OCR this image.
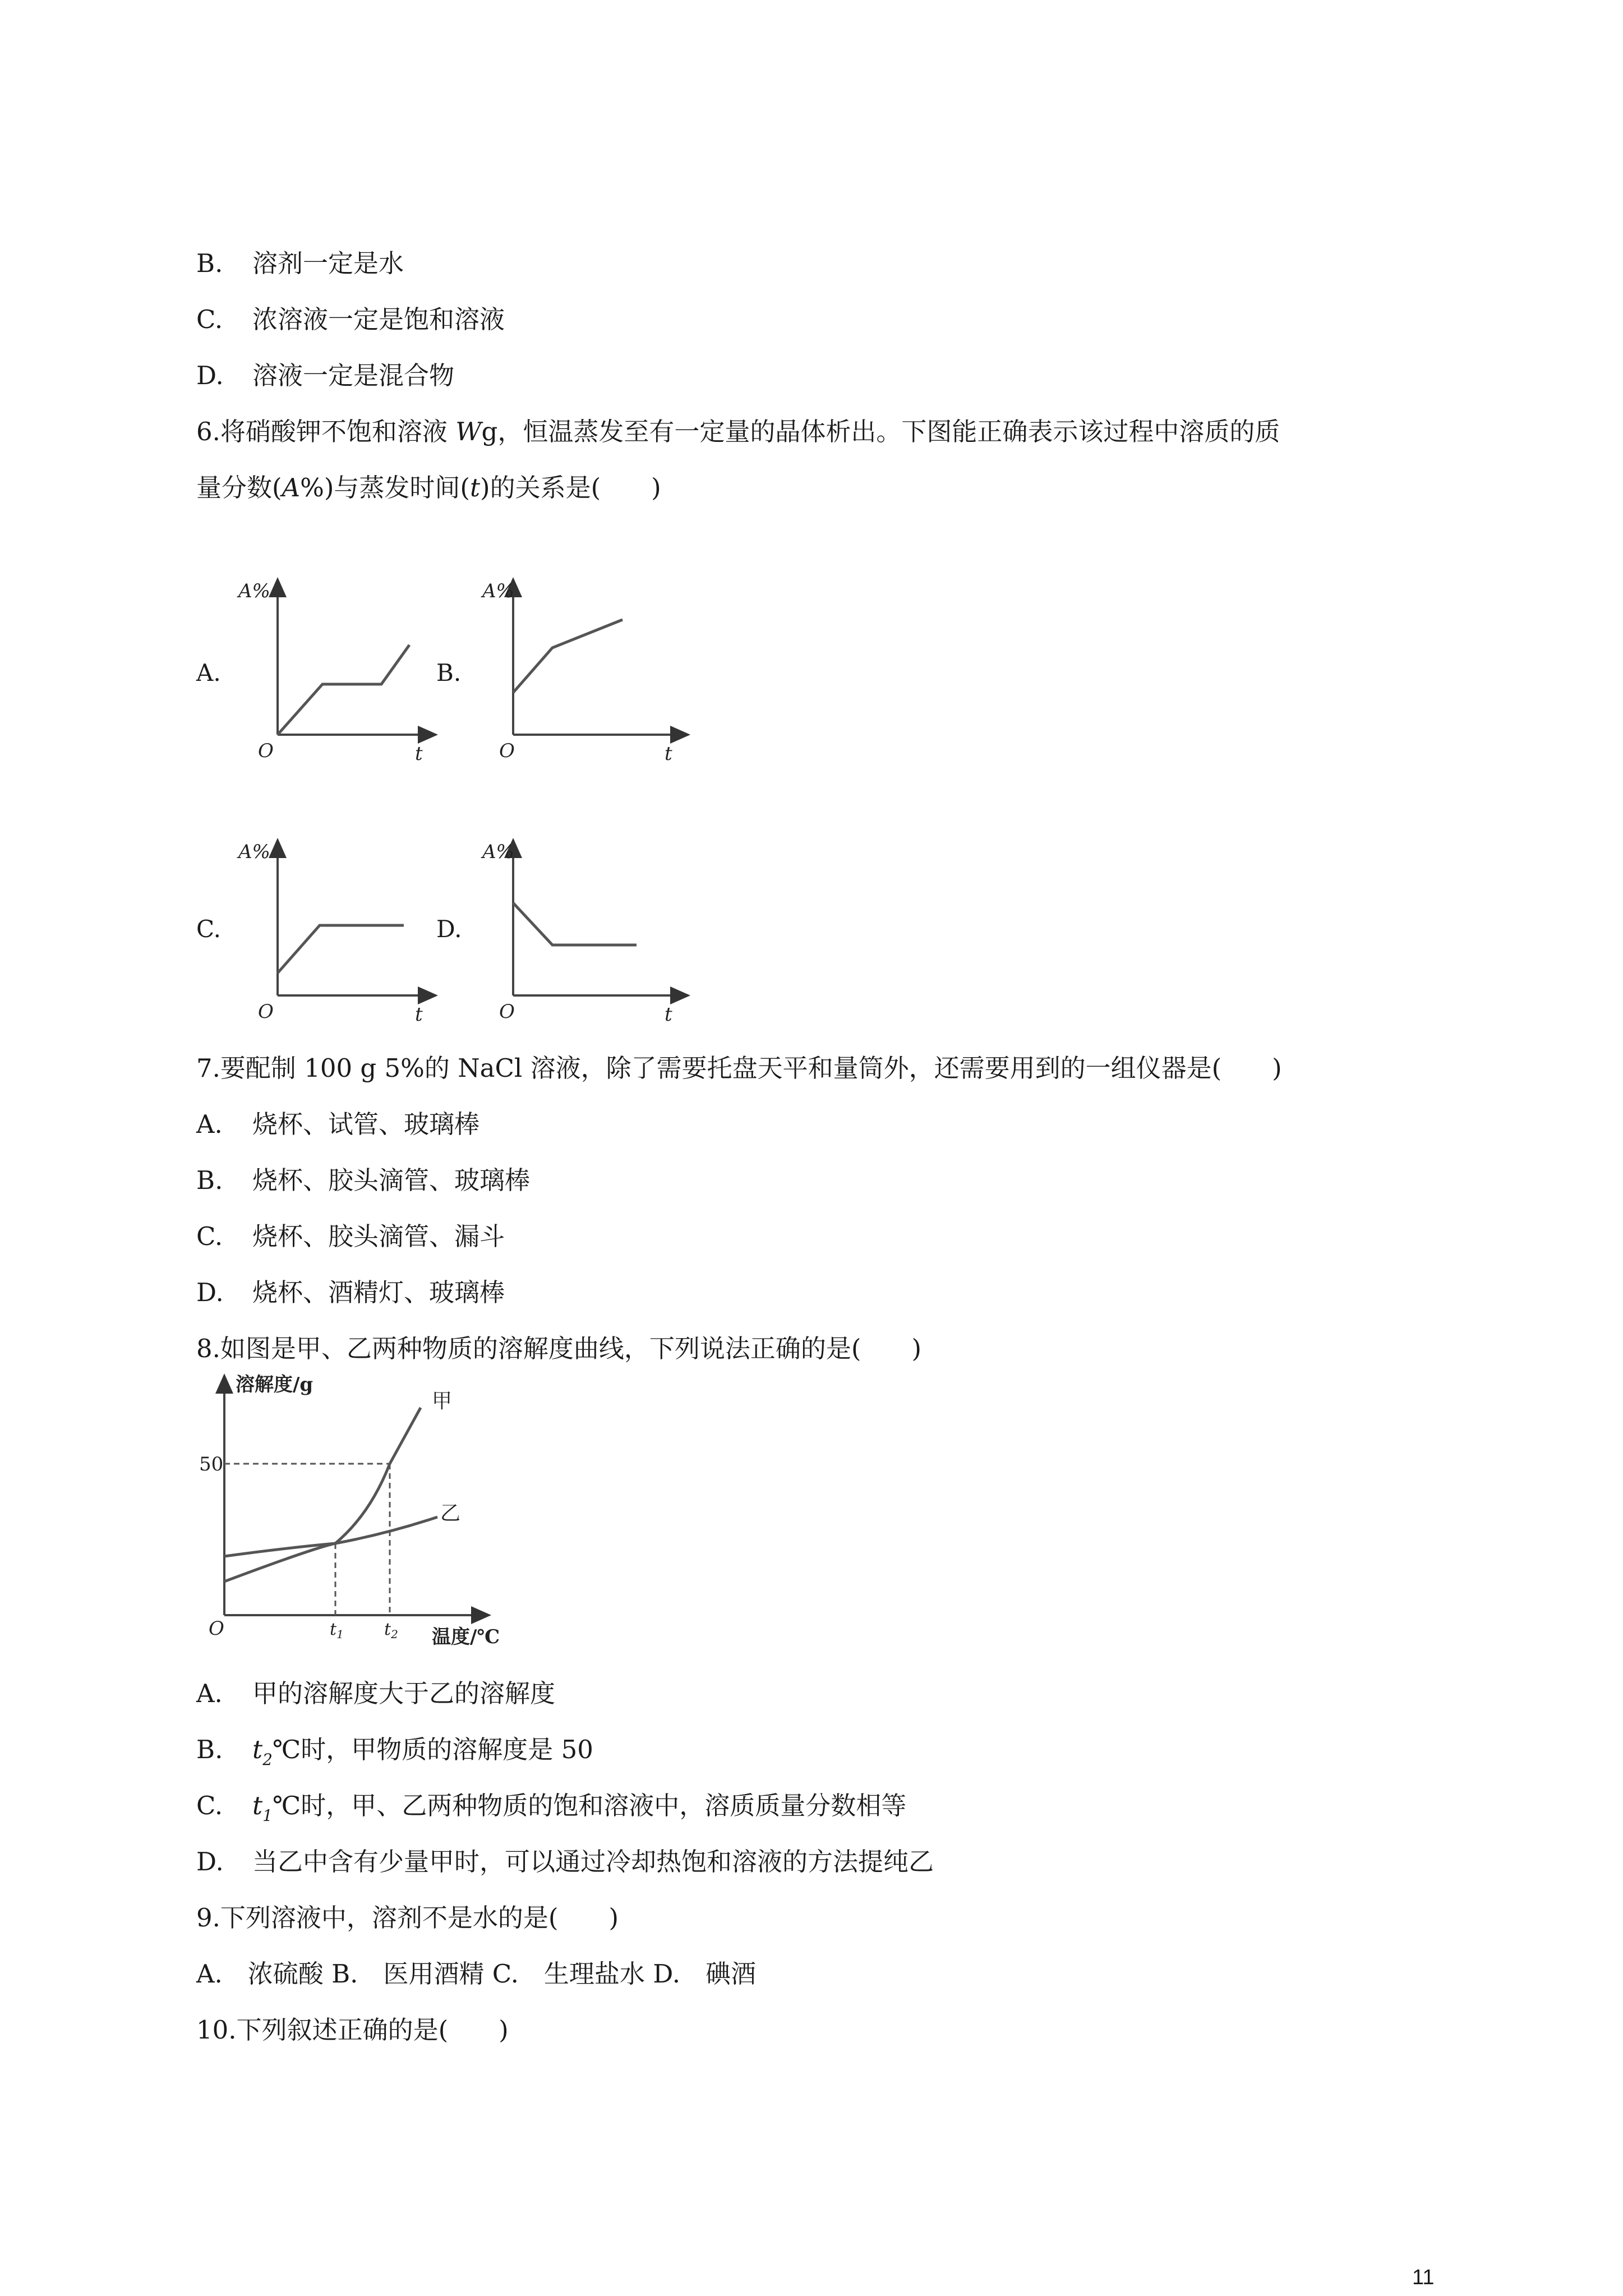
B. 溶剂一定是水
C. 浓溶液一定是饱和溶液
D. 溶液一定是混合物
6.将硝酸钾不饱和溶液 Wg，恒温蒸发至有一定量的晶体析出。下图能正确表示该过程中溶质的质
量分数(A%)与蒸发时间(t)的关系是(　　)
A.	B.
C.	D.
A%
O	t
A%
O	t
A%
O	t
A%
O	t
7.要配制 100 g 5%的 NaCl 溶液，除了需要托盘天平和量筒外，还需要用到的一组仪器是(　　)
A. 烧杯、试管、玻璃棒
B. 烧杯、胶头滴管、玻璃棒
C. 烧杯、胶头滴管、漏斗
D. 烧杯、酒精灯、玻璃棒
8.如图是甲、乙两种物质的溶解度曲线，下列说法正确的是(　　)
溶解度/g
50
O	$t_1$ $t_2$ 温度/℃
甲
乙
A. 甲的溶解度大于乙的溶解度
B. $t_2℃$时，甲物质的溶解度是 50
C. $t_1℃$时，甲、乙两种物质的饱和溶液中，溶质质量分数相等
D. 当乙中含有少量甲时，可以通过冷却热饱和溶液的方法提纯乙
9.下列溶液中，溶剂不是水的是(　　)
A.　浓硫酸 B.　医用酒精 C.　生理盐水 D.　碘酒
10.下列叙述正确的是(　　)
11
